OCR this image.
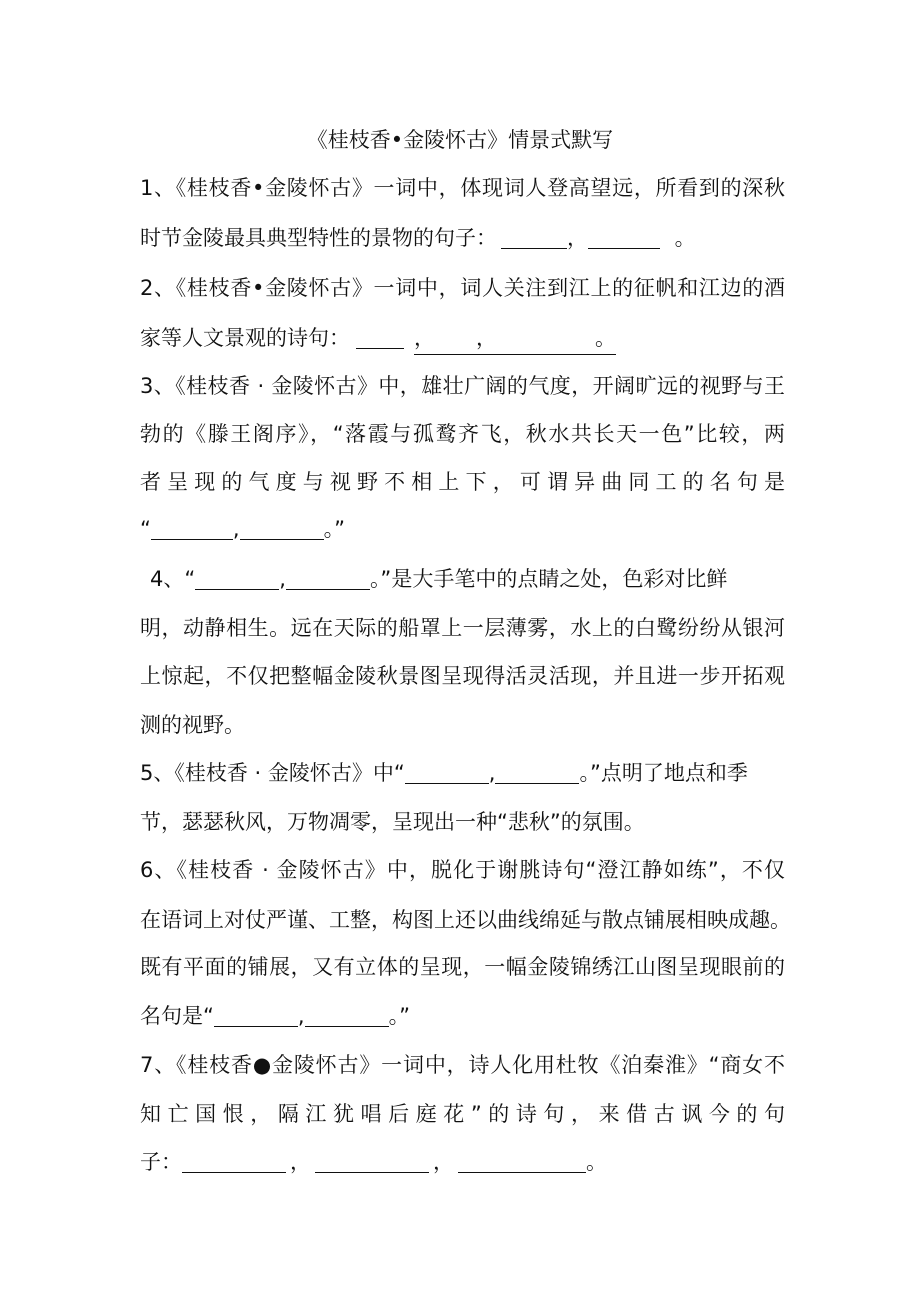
《桂枝香•金陵怀古》情景式默写
1、《桂枝香•金陵怀古》一词中，体现词人登高望远，所看到的深秋
时节金陵最具典型特性的景物的句子：	，	。
2、《桂枝香•金陵怀古》一词中，词人关注到江上的征帆和江边的酒
家等人文景观的诗句：	， ，	。
3、《桂枝香 · 金陵怀古》中，雄壮广阔的气度，开阔旷远的视野与王
勃的《滕王阁序》，“落霞与孤鹜齐飞，秋水共长天一色”比较，两
者呈现的气度与视野不相上下，可谓异曲同工的名句是
“	,	。”
4、“	,	。”是大手笔中的点睛之处，色彩对比鲜
明，动静相生。远在天际的船罩上一层薄雾，水上的白鹭纷纷从银河
上惊起，不仅把整幅金陵秋景图呈现得活灵活现，并且进一步开拓观
测的视野。
5、《桂枝香 · 金陵怀古》中“	,	。”点明了地点和季
节，瑟瑟秋风，万物凋零，呈现出一种“悲秋”的氛围。
6、《桂枝香 · 金陵怀古》中，脱化于谢朓诗句“澄江静如练”，不仅
在语词上对仗严谨、工整，构图上还以曲线绵延与散点铺展相映成趣。
既有平面的铺展，又有立体的呈现，一幅金陵锦绣江山图呈现眼前的
名句是“	,	。”
7、《桂枝香●金陵怀古》一词中，诗人化用杜牧《泊秦淮》“商女不
知亡国恨，隔江犹唱后庭花”的诗句，来借古讽今的句
子：	，	，	。
